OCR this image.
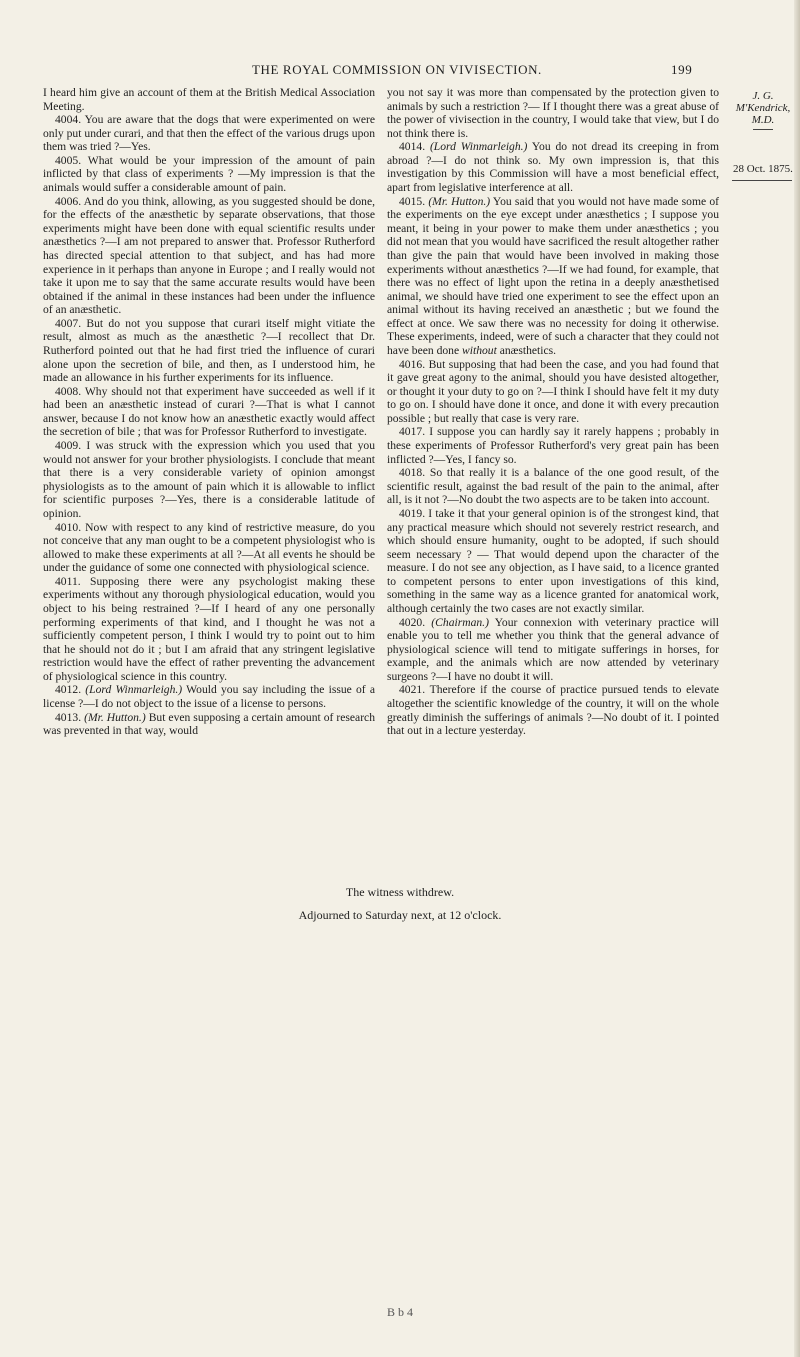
THE ROYAL COMMISSION ON VIVISECTION.	199
J. G.
M'Kendrick,
M.D.
28 Oct. 1875.

I heard him give an account of them at the British Medical Association Meeting.

4004. You are aware that the dogs that were experimented on were only put under curari, and that then the effect of the various drugs upon them was tried ?—Yes.

4005. What would be your impression of the amount of pain inflicted by that class of experiments ? —My impression is that the animals would suffer a considerable amount of pain.

4006. And do you think, allowing, as you suggested should be done, for the effects of the anæsthetic by separate observations, that those experiments might have been done with equal scientific results under anæsthetics ?—I am not prepared to answer that. Professor Rutherford has directed special attention to that subject, and has had more experience in it perhaps than anyone in Europe ; and I really would not take it upon me to say that the same accurate results would have been obtained if the animal in these instances had been under the influence of an anæsthetic.

4007. But do not you suppose that curari itself might vitiate the result, almost as much as the anæsthetic ?—I recollect that Dr. Rutherford pointed out that he had first tried the influence of curari alone upon the secretion of bile, and then, as I understood him, he made an allowance in his further experiments for its influence.

4008. Why should not that experiment have succeeded as well if it had been an anæsthetic instead of curari ?—That is what I cannot answer, because I do not know how an anæsthetic exactly would affect the secretion of bile ; that was for Professor Rutherford to investigate.

4009. I was struck with the expression which you used that you would not answer for your brother physiologists. I conclude that meant that there is a very considerable variety of opinion amongst physiologists as to the amount of pain which it is allowable to inflict for scientific purposes ?—Yes, there is a considerable latitude of opinion.

4010. Now with respect to any kind of restrictive measure, do you not conceive that any man ought to be a competent physiologist who is allowed to make these experiments at all ?—At all events he should be under the guidance of some one connected with physiological science.

4011. Supposing there were any psychologist making these experiments without any thorough physiological education, would you object to his being restrained ?—If I heard of any one personally performing experiments of that kind, and I thought he was not a sufficiently competent person, I think I would try to point out to him that he should not do it ; but I am afraid that any stringent legislative restriction would have the effect of rather preventing the advancement of physiological science in this country.

4012. (Lord Winmarleigh.) Would you say including the issue of a license ?—I do not object to the issue of a license to persons.

4013. (Mr. Hutton.) But even supposing a certain amount of research was prevented in that way, would

you not say it was more than compensated by the protection given to animals by such a restriction ?— If I thought there was a great abuse of the power of vivisection in the country, I would take that view, but I do not think there is.

4014. (Lord Winmarleigh.) You do not dread its creeping in from abroad ?—I do not think so. My own impression is, that this investigation by this Commission will have a most beneficial effect, apart from legislative interference at all.

4015. (Mr. Hutton.) You said that you would not have made some of the experiments on the eye except under anæsthetics ; I suppose you meant, it being in your power to make them under anæsthetics ; you did not mean that you would have sacrificed the result altogether rather than give the pain that would have been involved in making those experiments without anæsthetics ?—If we had found, for example, that there was no effect of light upon the retina in a deeply anæsthetised animal, we should have tried one experiment to see the effect upon an animal without its having received an anæsthetic ; but we found the effect at once. We saw there was no necessity for doing it otherwise. These experiments, indeed, were of such a character that they could not have been done without anæsthetics.

4016. But supposing that had been the case, and you had found that it gave great agony to the animal, should you have desisted altogether, or thought it your duty to go on ?—I think I should have felt it my duty to go on. I should have done it once, and done it with every precaution possible ; but really that case is very rare.

4017. I suppose you can hardly say it rarely happens ; probably in these experiments of Professor Rutherford's very great pain has been inflicted ?—Yes, I fancy so.

4018. So that really it is a balance of the one good result, of the scientific result, against the bad result of the pain to the animal, after all, is it not ?—No doubt the two aspects are to be taken into account.

4019. I take it that your general opinion is of the strongest kind, that any practical measure which should not severely restrict research, and which should ensure humanity, ought to be adopted, if such should seem necessary ? — That would depend upon the character of the measure. I do not see any objection, as I have said, to a licence granted to competent persons to enter upon investigations of this kind, something in the same way as a licence granted for anatomical work, although certainly the two cases are not exactly similar.

4020. (Chairman.) Your connexion with veterinary practice will enable you to tell me whether you think that the general advance of physiological science will tend to mitigate sufferings in horses, for example, and the animals which are now attended by veterinary surgeons ?—I have no doubt it will.

4021. Therefore if the course of practice pursued tends to elevate altogether the scientific knowledge of the country, it will on the whole greatly diminish the sufferings of animals ?—No doubt of it. I pointed that out in a lecture yesterday.

The witness withdrew.
Adjourned to Saturday next, at 12 o'clock.
B b 4
